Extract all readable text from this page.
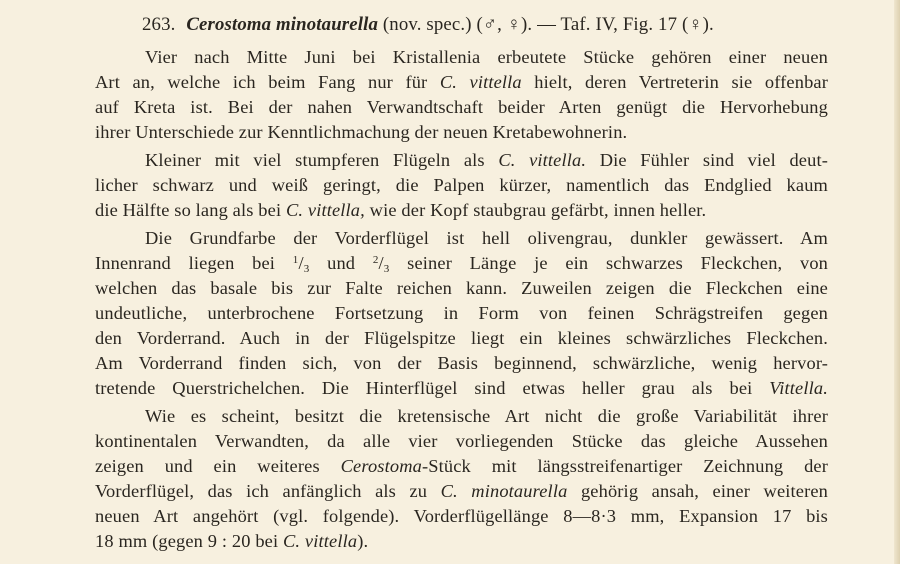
263. Cerostoma minotaurella (nov. spec.) (♂, ♀). — Taf. IV, Fig. 17 (♀).
Vier nach Mitte Juni bei Kristallenia erbeutete Stücke gehören einer neuen
Art an, welche ich beim Fang nur für C. vittella hielt, deren Vertreterin sie offenbar
auf Kreta ist. Bei der nahen Verwandtschaft beider Arten genügt die Hervorhebung
ihrer Unterschiede zur Kenntlichmachung der neuen Kretabewohnerin.
Kleiner mit viel stumpferen Flügeln als C. vittella. Die Fühler sind viel deut-
licher schwarz und weiß geringt, die Palpen kürzer, namentlich das Endglied kaum
die Hälfte so lang als bei C. vittella, wie der Kopf staubgrau gefärbt, innen heller.
Die Grundfarbe der Vorderflügel ist hell olivengrau, dunkler gewässert. Am
Innenrand liegen bei $^1/_3$ und $^2/_3$ seiner Länge je ein schwarzes Fleckchen, von
welchen das basale bis zur Falte reichen kann. Zuweilen zeigen die Fleckchen eine
undeutliche, unterbrochene Fortsetzung in Form von feinen Schrägstreifen gegen
den Vorderrand. Auch in der Flügelspitze liegt ein kleines schwärzliches Fleckchen.
Am Vorderrand finden sich, von der Basis beginnend, schwärzliche, wenig hervor-
tretende Querstrichelchen. Die Hinterflügel sind etwas heller grau als bei Vittella.
Wie es scheint, besitzt die kretensische Art nicht die große Variabilität ihrer
kontinentalen Verwandten, da alle vier vorliegenden Stücke das gleiche Aussehen
zeigen und ein weiteres Cerostoma-Stück mit längsstreifenartiger Zeichnung der
Vorderflügel, das ich anfänglich als zu C. minotaurella gehörig ansah, einer weiteren
neuen Art angehört (vgl. folgende). Vorderflügellänge 8—8·3 mm, Expansion 17 bis
18 mm (gegen 9 : 20 bei C. vittella).
